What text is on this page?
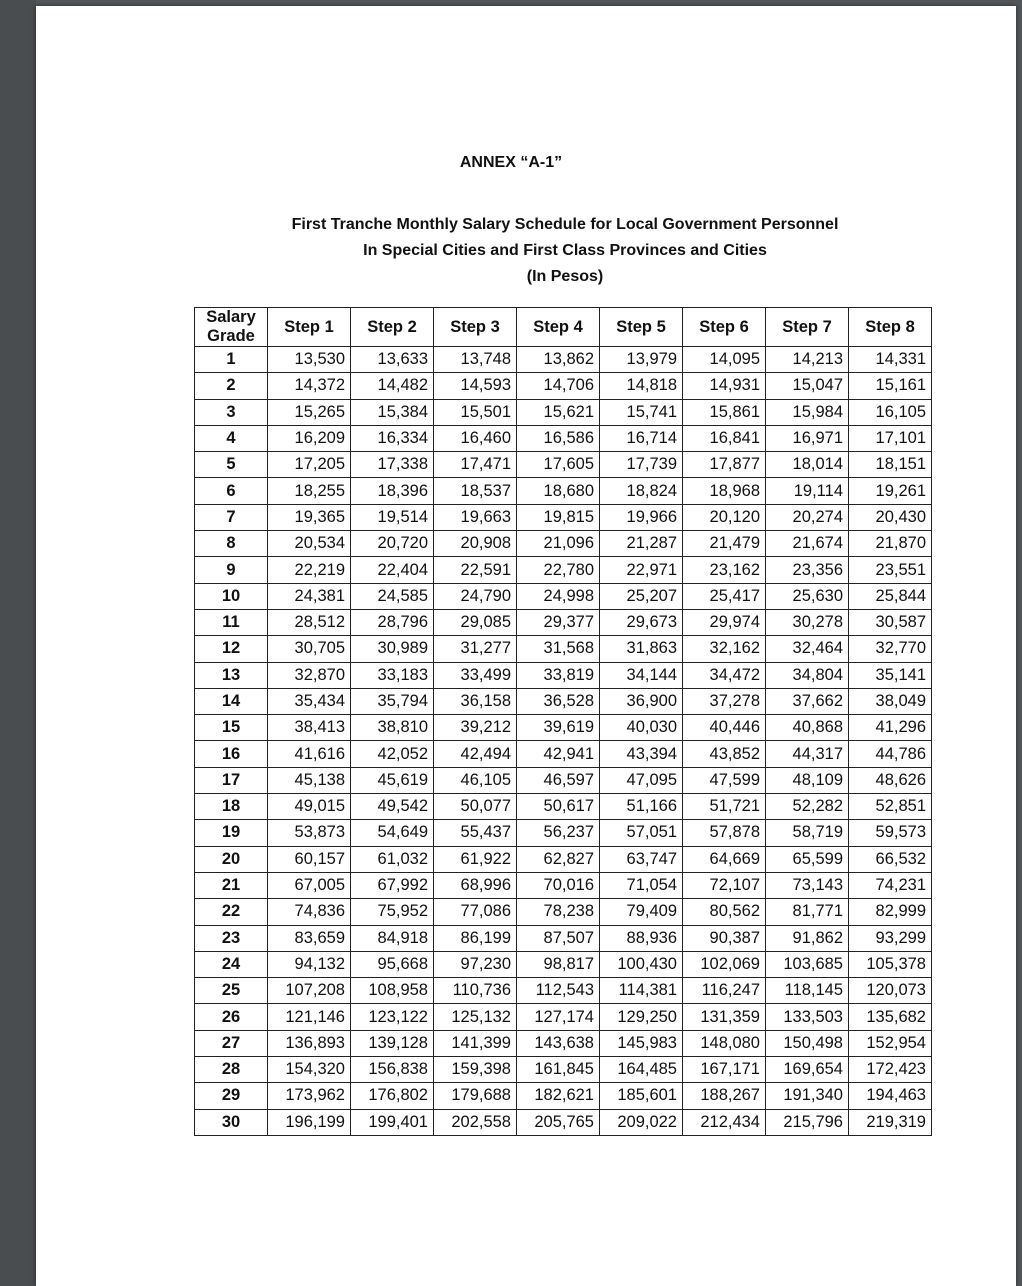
ANNEX “A-1”
First Tranche Monthly Salary Schedule for Local Government Personnel
In Special Cities and First Class Provinces and Cities
(In Pesos)
Salary
Grade	Step 1	Step 2	Step 3	Step 4	Step 5	Step 6	Step 7	Step 8
1	13,530	13,633	13,748	13,862	13,979	14,095	14,213	14,331
2	14,372	14,482	14,593	14,706	14,818	14,931	15,047	15,161
3	15,265	15,384	15,501	15,621	15,741	15,861	15,984	16,105
4	16,209	16,334	16,460	16,586	16,714	16,841	16,971	17,101
5	17,205	17,338	17,471	17,605	17,739	17,877	18,014	18,151
6	18,255	18,396	18,537	18,680	18,824	18,968	19,114	19,261
7	19,365	19,514	19,663	19,815	19,966	20,120	20,274	20,430
8	20,534	20,720	20,908	21,096	21,287	21,479	21,674	21,870
9	22,219	22,404	22,591	22,780	22,971	23,162	23,356	23,551
10	24,381	24,585	24,790	24,998	25,207	25,417	25,630	25,844
11	28,512	28,796	29,085	29,377	29,673	29,974	30,278	30,587
12	30,705	30,989	31,277	31,568	31,863	32,162	32,464	32,770
13	32,870	33,183	33,499	33,819	34,144	34,472	34,804	35,141
14	35,434	35,794	36,158	36,528	36,900	37,278	37,662	38,049
15	38,413	38,810	39,212	39,619	40,030	40,446	40,868	41,296
16	41,616	42,052	42,494	42,941	43,394	43,852	44,317	44,786
17	45,138	45,619	46,105	46,597	47,095	47,599	48,109	48,626
18	49,015	49,542	50,077	50,617	51,166	51,721	52,282	52,851
19	53,873	54,649	55,437	56,237	57,051	57,878	58,719	59,573
20	60,157	61,032	61,922	62,827	63,747	64,669	65,599	66,532
21	67,005	67,992	68,996	70,016	71,054	72,107	73,143	74,231
22	74,836	75,952	77,086	78,238	79,409	80,562	81,771	82,999
23	83,659	84,918	86,199	87,507	88,936	90,387	91,862	93,299
24	94,132	95,668	97,230	98,817	100,430	102,069	103,685	105,378
25	107,208	108,958	110,736	112,543	114,381	116,247	118,145	120,073
26	121,146	123,122	125,132	127,174	129,250	131,359	133,503	135,682
27	136,893	139,128	141,399	143,638	145,983	148,080	150,498	152,954
28	154,320	156,838	159,398	161,845	164,485	167,171	169,654	172,423
29	173,962	176,802	179,688	182,621	185,601	188,267	191,340	194,463
30	196,199	199,401	202,558	205,765	209,022	212,434	215,796	219,319
